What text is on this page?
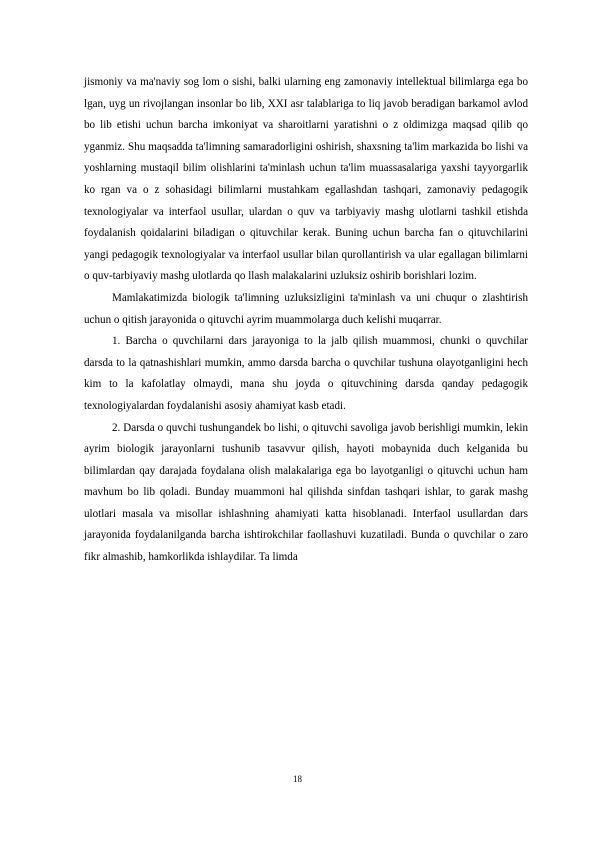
jismoniy va ma'naviy sog lom o sishi, balki ularning eng zamonaviy intellektual bilimlarga ega bo lgan, uyg un rivojlangan insonlar bo lib, XXI asr talablariga to liq javob beradigan barkamol avlod bo lib etishi uchun barcha imkoniyat va sharoitlarni yaratishni o z oldimizga maqsad qilib qo yganmiz. Shu maqsadda ta'limning samaradorligini oshirish, shaxsning ta'lim markazida bo lishi va yoshlarning mustaqil bilim olishlarini ta'minlash uchun ta'lim muassasalariga yaxshi tayyorgarlik ko rgan va o z sohasidagi bilimlarni mustahkam egallashdan tashqari, zamonaviy pedagogik texnologiyalar va interfaol usullar, ulardan o quv va tarbiyaviy mashg ulotlarni tashkil etishda foydalanish qoidalarini biladigan o qituvchilar kerak. Buning uchun barcha fan o qituvchilarini yangi pedagogik texnologiyalar va interfaol usullar bilan qurollantirish va ular egallagan bilimlarni o quv-tarbiyaviy mashg ulotlarda qo llash malakalarini uzluksiz oshirib borishlari lozim.

Mamlakatimizda biologik ta'limning uzluksizligini ta'minlash va uni chuqur o zlashtirish uchun o qitish jarayonida o qituvchi ayrim muammolarga duch kelishi muqarrar.

1. Barcha o quvchilarni dars jarayoniga to la jalb qilish muammosi, chunki o quvchilar darsda to la qatnashishlari mumkin, ammo darsda barcha o quvchilar tushuna olayotganligini hech kim to la kafolatlay olmaydi, mana shu joyda o qituvchining darsda qanday pedagogik texnologiyalardan foydalanishi asosiy ahamiyat kasb etadi.

2. Darsda o quvchi tushungandek bo lishi, o qituvchi savoliga javob berishligi mumkin, lekin ayrim biologik jarayonlarni tushunib tasavvur qilish, hayoti mobaynida duch kelganida bu bilimlardan qay darajada foydalana olish malakalariga ega bo layotganligi o qituvchi uchun ham mavhum bo lib qoladi. Bunday muammoni hal qilishda sinfdan tashqari ishlar, to garak mashg ulotlari masala va misollar ishlashning ahamiyati katta hisoblanadi. Interfaol usullardan dars jarayonida foydalanilganda barcha ishtirokchilar faollashuvi kuzatiladi. Bunda o quvchilar o zaro fikr almashib, hamkorlikda ishlaydilar. Ta limda

18
